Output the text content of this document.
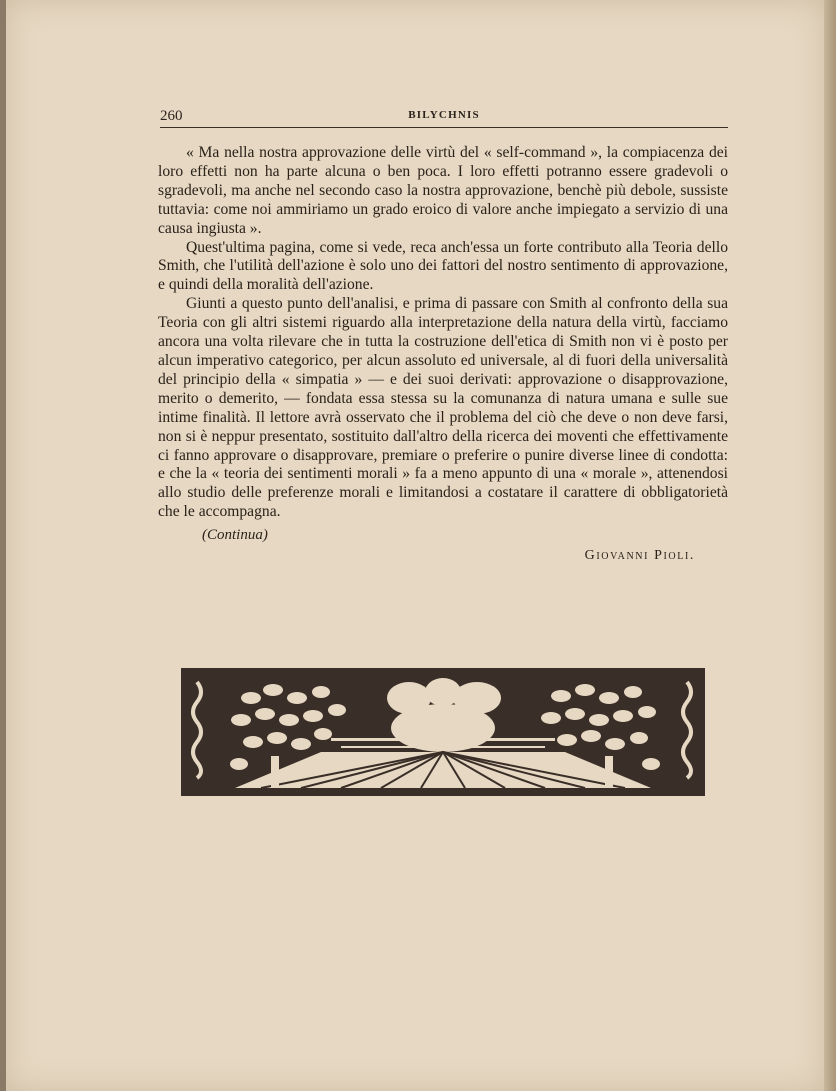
260	BILYCHNIS

« Ma nella nostra approvazione delle virtù del « self-command », la compiacenza dei loro effetti non ha parte alcuna o ben poca. I loro effetti potranno essere gradevoli o sgradevoli, ma anche nel secondo caso la nostra approvazione, benchè più debole, sussiste tuttavia: come noi ammiriamo un grado eroico di valore anche impiegato a servizio di una causa ingiusta ».

Quest'ultima pagina, come si vede, reca anch'essa un forte contributo alla Teoria dello Smith, che l'utilità dell'azione è solo uno dei fattori del nostro sentimento di approvazione, e quindi della moralità dell'azione.

Giunti a questo punto dell'analisi, e prima di passare con Smith al confronto della sua Teoria con gli altri sistemi riguardo alla interpretazione della natura della virtù, facciamo ancora una volta rilevare che in tutta la costruzione dell'etica di Smith non vi è posto per alcun imperativo categorico, per alcun assoluto ed universale, al di fuori della universalità del principio della « simpatia » — e dei suoi derivati: approvazione o disapprovazione, merito o demerito, — fondata essa stessa su la comunanza di natura umana e sulle sue intime finalità. Il lettore avrà osservato che il problema del ciò che deve o non deve farsi, non si è neppur presentato, sostituito dall'altro della ricerca dei moventi che effettivamente ci fanno approvare o disapprovare, premiare o preferire o punire diverse linee di condotta: e che la « teoria dei sentimenti morali » fa a meno appunto di una « morale », attenendosi allo studio delle preferenze morali e limitandosi a costatare il carattere di obbligatorietà che le accompagna.

(Continua)
Giovanni Pioli.
